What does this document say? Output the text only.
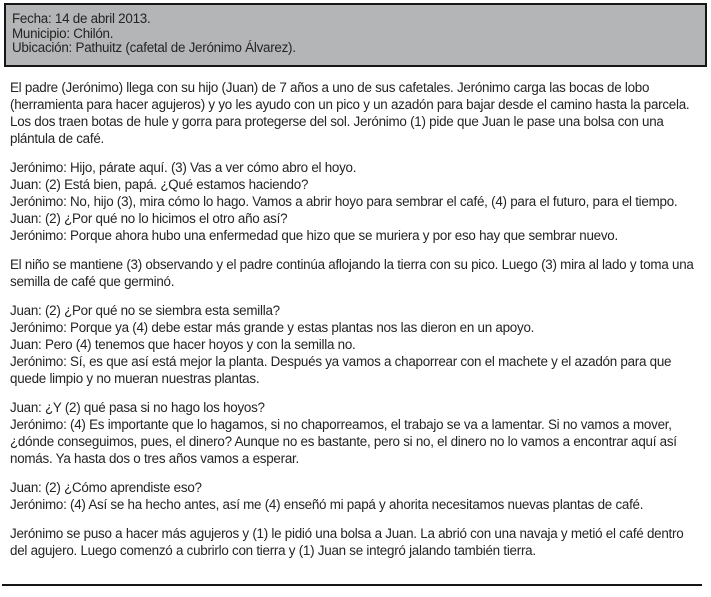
Fecha: 14 de abril 2013.
Municipio: Chilón.
Ubicación: Pathuitz (cafetal de Jerónimo Álvarez).
El padre (Jerónimo) llega con su hijo (Juan) de 7 años a uno de sus cafetales. Jerónimo carga las bocas de lobo (herramienta para hacer agujeros) y yo les ayudo con un pico y un azadón para bajar desde el camino hasta la parcela. Los dos traen botas de hule y gorra para protegerse del sol. Jerónimo (1) pide que Juan le pase una bolsa con una plántula de café.
Jerónimo: Hijo, párate aquí. (3) Vas a ver cómo abro el hoyo.
Juan: (2) Está bien, papá. ¿Qué estamos haciendo?
Jerónimo: No, hijo (3), mira cómo lo hago. Vamos a abrir hoyo para sembrar el café, (4) para el futuro, para el tiempo.
Juan: (2) ¿Por qué no lo hicimos el otro año así?
Jerónimo: Porque ahora hubo una enfermedad que hizo que se muriera y por eso hay que sembrar nuevo.
El niño se mantiene (3) observando y el padre continúa aflojando la tierra con su pico. Luego (3) mira al lado y toma una semilla de café que germinó.
Juan: (2) ¿Por qué no se siembra esta semilla?
Jerónimo: Porque ya (4) debe estar más grande y estas plantas nos las dieron en un apoyo.
Juan: Pero (4) tenemos que hacer hoyos y con la semilla no.
Jerónimo: Sí, es que así está mejor la planta. Después ya vamos a chaporrear con el machete y el azadón para que quede limpio y no mueran nuestras plantas.
Juan: ¿Y (2) qué pasa si no hago los hoyos?
Jerónimo: (4) Es importante que lo hagamos, si no chaporreamos, el trabajo se va a lamentar. Si no vamos a mover, ¿dónde conseguimos, pues, el dinero? Aunque no es bastante, pero si no, el dinero no lo vamos a encontrar aquí así nomás. Ya hasta dos o tres años vamos a esperar.
Juan: (2) ¿Cómo aprendiste eso?
Jerónimo: (4) Así se ha hecho antes, así me (4) enseñó mi papá y ahorita necesitamos nuevas plantas de café.
Jerónimo se puso a hacer más agujeros y (1) le pidió una bolsa a Juan. La abrió con una navaja y metió el café dentro del agujero. Luego comenzó a cubrirlo con tierra y (1) Juan se integró jalando también tierra.
